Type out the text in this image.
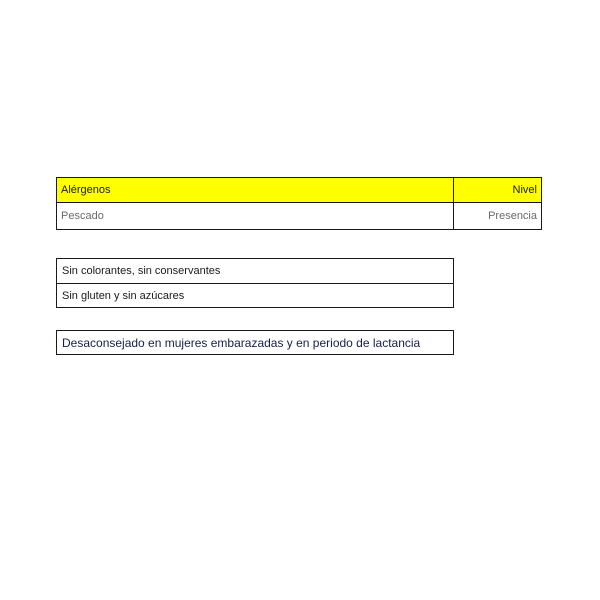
Alérgenos	Nivel
Pescado	Presencia
Sin colorantes, sin conservantes
Sin gluten y sin azúcares
Desaconsejado en mujeres embarazadas y en periodo de lactancia
